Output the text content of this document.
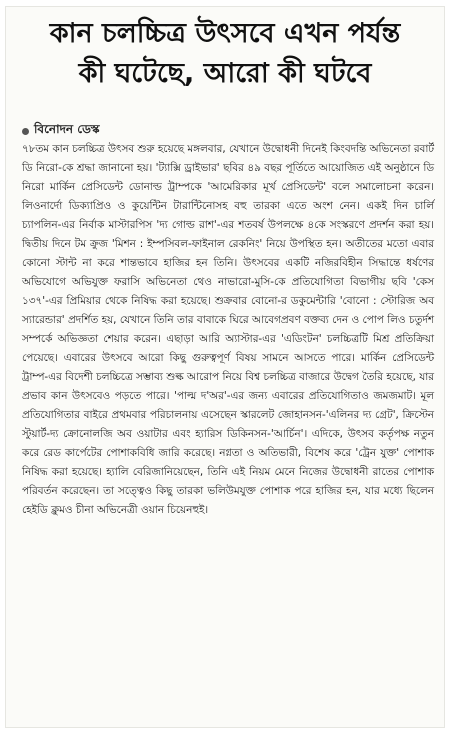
কান চলচ্চিত্র উৎসবে এখন পর্যন্ত
কী ঘটেছে, আরো কী ঘটবে
বিনোদন ডেস্ক

৭৮তম কান চলচ্চিত্র উৎসব শুরু হয়েছে মঙ্গলবার, যেখানে উদ্বোধনী দিনেই কিংবদন্তি অভিনেতা রবার্ট ডি নিরো-কে শ্রদ্ধা জানানো হয়। 'ট্যাক্সি ড্রাইভার' ছবির ৪৯ বছর পূর্তিতে আয়োজিত এই অনুষ্ঠানে ডি নিরো মার্কিন প্রেসিডেন্ট ডোনাল্ড ট্রাম্পকে 'আমেরিকার মূর্খ প্রেসিডেন্ট' বলে সমালোচনা করেন। লিওনার্দো ডিক্যাপ্রিও ও কুয়েন্টিন টারান্টিনোসহ বহু তারকা এতে অংশ নেন। একই দিন চার্লি চ্যাপলিন-এর নির্বাক মাস্টারপিস 'দ্য গোল্ড রাশ'-এর শতবর্ষ উপলক্ষে ৪কে সংস্করণে প্রদর্শন করা হয়। দ্বিতীয় দিনে টম ক্রুজ 'মিশন : ইম্পসিবল-ফাইনাল রেকনিং' নিয়ে উপস্থিত হন। অতীতের মতো এবার কোনো স্টান্ট না করে শান্তভাবে হাজির হন তিনি। উৎসবের একটি নজিরবিহীন সিদ্ধান্তে ধর্ষণের অভিযোগে অভিযুক্ত ফরাসি অভিনেতা থেও নাভারো-মুসি-কে প্রতিযোগিতা বিভাগীয় ছবি 'কেস ১৩৭'-এর প্রিমিয়ার থেকে নিষিদ্ধ করা হয়েছে। শুক্রবার বোনো-র ডকুমেন্টারি 'বোনো : স্টোরিজ অব স্যারেন্ডার' প্রদর্শিত হয়, যেখানে তিনি তার বাবাকে ঘিরে আবেগপ্রবণ বক্তব্য দেন ও পোপ লিও চতুর্দশ সম্পর্কে অভিজ্ঞতা শেয়ার করেন। এছাড়া আরি অ্যাস্টার-এর 'এডিংটন' চলচ্চিত্রটি মিশ্র প্রতিক্রিয়া পেয়েছে। এবারের উৎসবে আরো কিছু গুরুত্বপূর্ণ বিষয় সামনে আসতে পারে। মার্কিন প্রেসিডেন্ট ট্রাম্প-এর বিদেশী চলচ্চিত্রে সম্ভাব্য শুল্ক আরোপ নিয়ে বিশ্ব চলচ্চিত্র বাজারে উদ্বেগ তৈরি হয়েছে, যার প্রভাব কান উৎসবেও পড়তে পারে। 'পাল্ম দ'অর'-এর জন্য এবারের প্রতিযোগিতাও জমজমাট। মূল প্রতিযোগিতার বাইরে প্রথমবার পরিচালনায় এসেছেন স্কারলেট জোহানসন-'এলিনর দ্য গ্রেট', ক্রিস্টেন স্টুয়ার্ট-দ্য ক্রোনোলজি অব ওয়াটার এবং হ্যারিস ডিকিনসন-'আর্চিন'। এদিকে, উৎসব কর্তৃপক্ষ নতুন করে রেড কার্পেটের পোশাকবিধি জারি করেছে। নগ্নতা ও অতিভারী, বিশেষ করে 'ট্রেন যুক্ত' পোশাক নিষিদ্ধ করা হয়েছে। হ্যালি বেরিজানিয়েছেন, তিনি এই নিয়ম মেনে নিজের উদ্বোধনী রাতের পোশাক পরিবর্তন করেছেন। তা সত্ত্বেও কিছু তারকা ভলিউমযুক্ত পোশাক পরে হাজির হন, যার মধ্যে ছিলেন হেইডি ক্লুমও চীনা অভিনেত্রী ওয়ান চিয়েনহুই।
